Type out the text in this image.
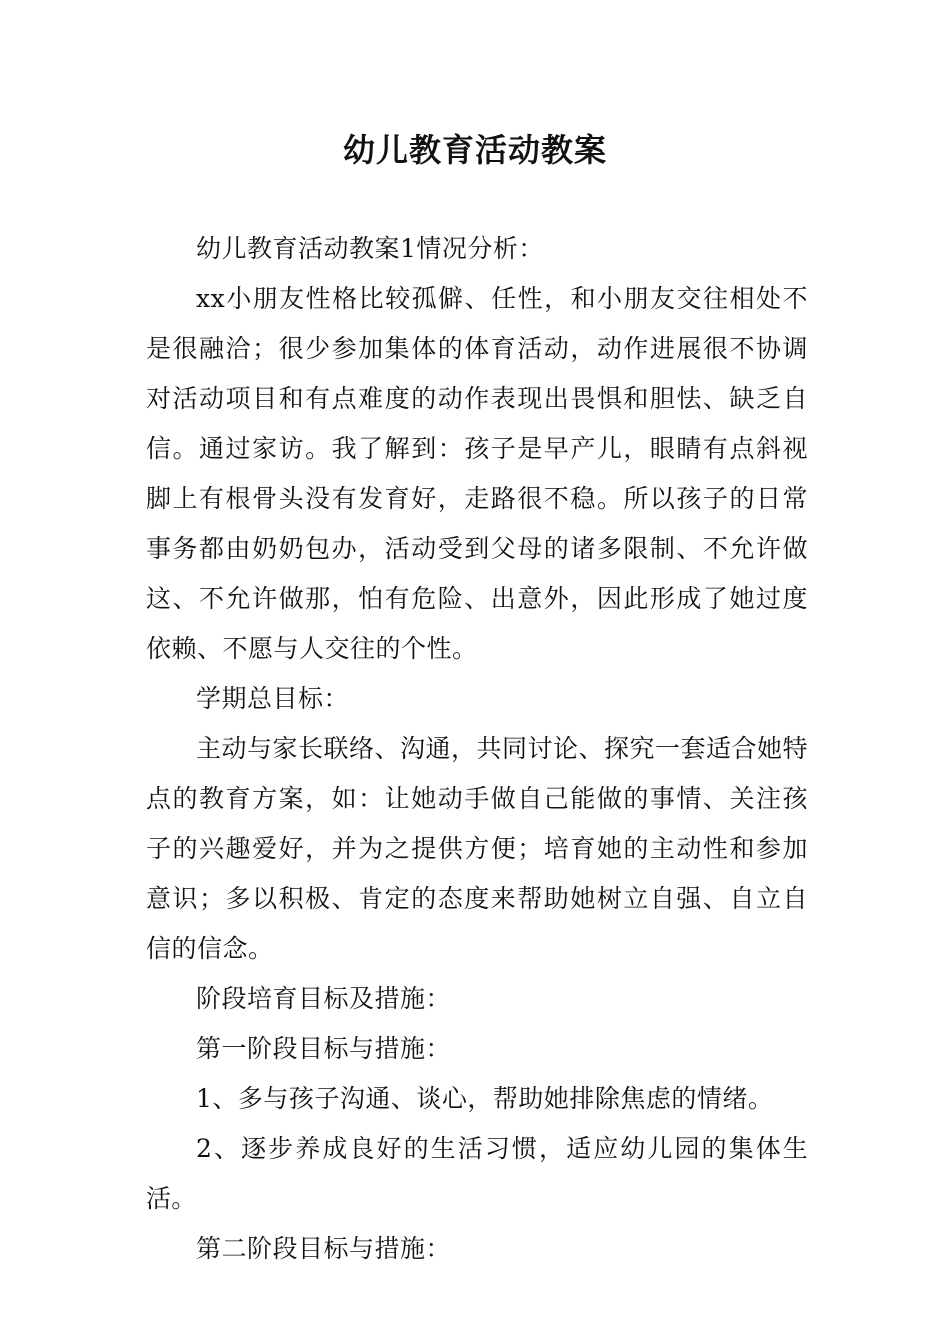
幼儿教育活动教案

幼儿教育活动教案1情况分析：

xx小朋友性格比较孤僻、任性，和小朋友交往相处不是很融洽；很少参加集体的体育活动，动作进展很不协调对活动项目和有点难度的动作表现出畏惧和胆怯、缺乏自信。通过家访。我了解到：孩子是早产儿，眼睛有点斜视脚上有根骨头没有发育好，走路很不稳。所以孩子的日常事务都由奶奶包办，活动受到父母的诸多限制、不允许做这、不允许做那，怕有危险、出意外，因此形成了她过度依赖、不愿与人交往的个性。

学期总目标：

主动与家长联络、沟通，共同讨论、探究一套适合她特点的教育方案，如：让她动手做自己能做的事情、关注孩子的兴趣爱好，并为之提供方便；培育她的主动性和参加意识；多以积极、肯定的态度来帮助她树立自强、自立自信的信念。

阶段培育目标及措施：

第一阶段目标与措施：

1、多与孩子沟通、谈心，帮助她排除焦虑的情绪。

2、逐步养成良好的生活习惯，适应幼儿园的集体生活。

第二阶段目标与措施：
